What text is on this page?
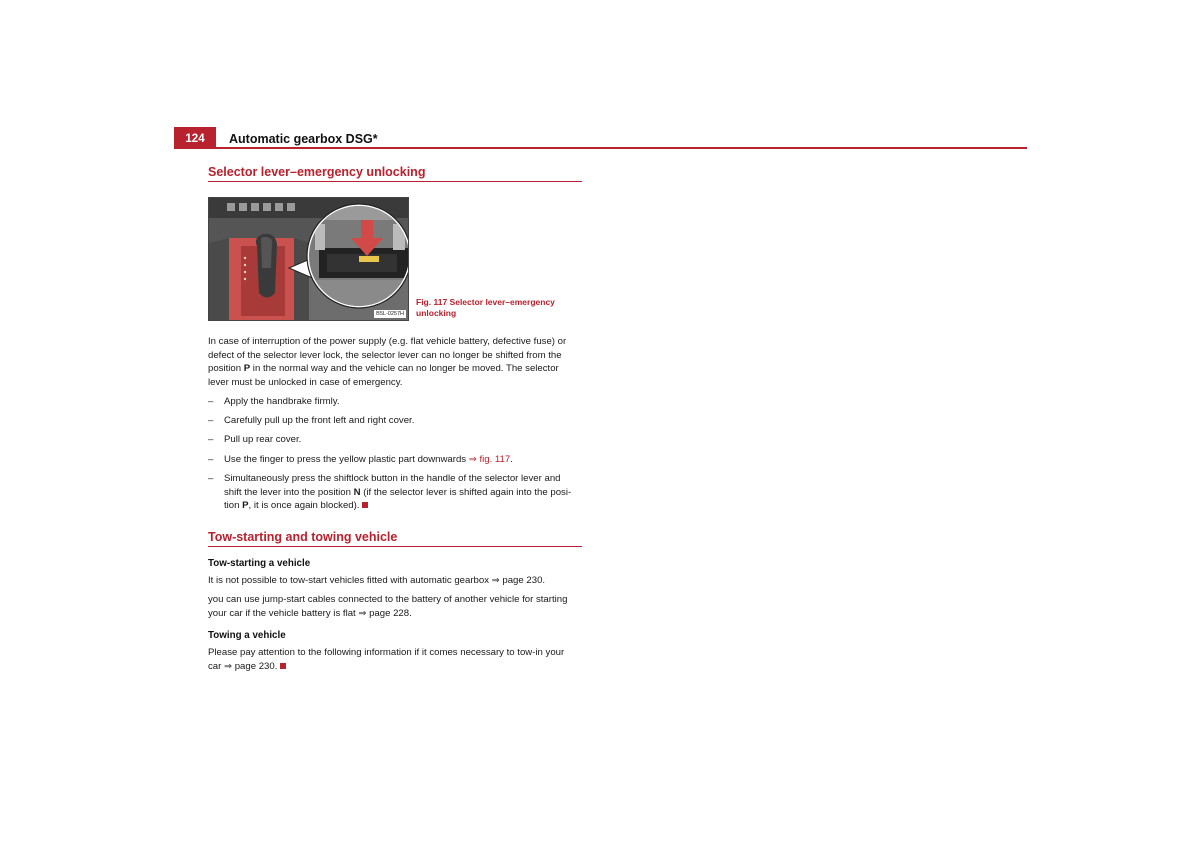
124	Automatic gearbox DSG*
Selector lever–emergency unlocking
B5L-0257H
Fig. 117 Selector lever–emergency unlocking
In case of interruption of the power supply (e.g. flat vehicle battery, defective fuse) or
defect of the selector lever lock, the selector lever can no longer be shifted from the
position P in the normal way and the vehicle can no longer be moved. The selector
lever must be unlocked in case of emergency.
– Apply the handbrake firmly.
– Carefully pull up the front left and right cover.
– Pull up rear cover.
– Use the finger to press the yellow plastic part downwards ⇒ fig. 117.
– Simultaneously press the shiftlock button in the handle of the selector lever and
shift the lever into the position N (if the selector lever is shifted again into the posi-
tion P, it is once again blocked).
Tow-starting and towing vehicle
Tow-starting a vehicle
It is not possible to tow-start vehicles fitted with automatic gearbox ⇒ page 230.
you can use jump-start cables connected to the battery of another vehicle for starting
your car if the vehicle battery is flat ⇒ page 228.
Towing a vehicle
Please pay attention to the following information if it comes necessary to tow-in your
car ⇒ page 230.
